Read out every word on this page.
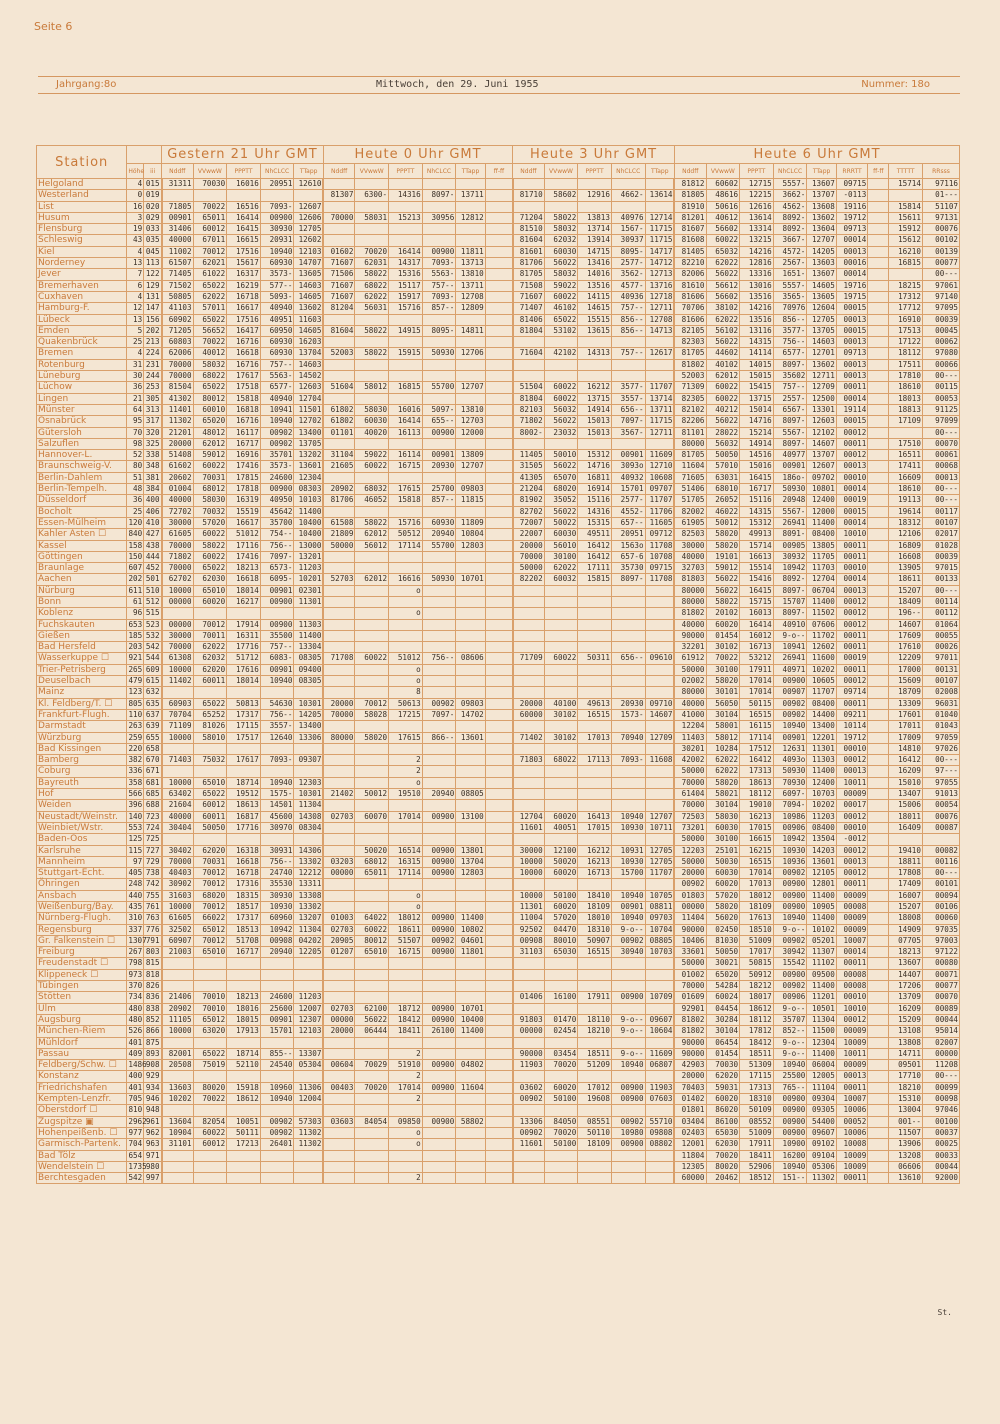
Seite 6
Jahrgang:8o	Mittwoch, den 29. Juni 1955	Nummer: 18o
Station			Gestern 21 Uhr GMT					Heute 0 Uhr GMT						Heute 3 Uhr GMT					Heute 6 Uhr GMT								
	Höhe	iii	Nddff	VVwwW	PPPTT	NhCLCC	TTapp	Nddff	VVwwW	PPPTT	NhCLCC	TTapp	ff-ff	Nddff	VVwwW	PPPTT	NhCLCC	TTapp	Nddff	VVwwW	PPPTT	NhCLCC	TTapp	RRRTT	ff-ff	TTTTT	RRsss
Helgoland	4	015	31311	70030	16016	20951	12610												81812	60602	12715	5557-	13607	09715		15714	97116
Westerland	0	019						81307	6300-	14316	8097-	13711		81710	58602	12916	4662-	13614	81805	48616	12215	3662-	13707	-0113			01---
List	16	020	71805	70022	16516	7093-	12607												81910	50616	12616	4562-	13608	19116		15814	51107
Husum	3	029	00901	65011	16414	00900	12606	70000	58031	15213	30956	12812		71204	58022	13813	40976	12714	81201	40612	13614	8092-	13602	19712		15611	97131
Flensburg	19	033	31406	60012	16415	30930	12705							81510	58032	13714	1567-	11715	81607	56602	13314	8092-	13604	09713		15912	00076
Schleswig	43	035	40000	67011	16615	20931	12602							81604	62032	13914	30937	11715	81608	60022	13215	3667-	12707	00014		15612	00102
Kiel	4	045	11002	70012	17516	10940	12103	01602	70020	16414	00900	11811		81601	60030	14715	8095-	14717	81405	65032	14216	4572-	14205	00013		16210	00139
Norderney	13	113	61507	62021	15617	60930	14707	71607	62031	14317	7093-	13713		81706	56022	13416	2577-	14712	82210	62022	12816	2567-	13603	00016		16815	00077
Jever	7	122	71405	61022	16317	3573-	13605	71506	58022	15316	5563-	13810		81705	58032	14016	3562-	12713	82006	56022	13316	1651-	13607	00014			00---
Bremerhaven	6	129	71502	65022	16219	577--	14603	71607	68022	15117	757--	13711		71508	59022	13516	4577-	13716	81610	56612	13016	5557-	14605	19716		18215	97061
Cuxhaven	4	131	50805	62022	16718	5093-	14605	71607	62022	15917	7093-	12708		71607	60022	14115	40936	12718	81606	56602	13516	3565-	13605	19715		17312	97140
Hamburg-F.	12	147	41103	57011	16617	40940	13602	81204	56031	15716	857--	12809		71407	46102	14615	757--	12711	70706	38102	14216	70976	12604	00015		17712	97095
Lübeck	13	156	60902	65022	17516	40951	11603							81406	65022	15515	856--	12708	81606	62022	13516	856--	12705	00013		16910	00039
Emden	5	202	71205	56652	16417	60950	14605	81604	58022	14915	8095-	14811		81804	53102	13615	856--	14713	82105	56102	13116	3577-	13705	00015		17513	00045
Quakenbrück	25	213	60803	70022	16716	60930	16203												82303	56022	14315	756--	14603	00013		17122	00062
Bremen	4	224	62006	40012	16618	60930	13704	52003	58022	15915	50930	12706		71604	42102	14313	757--	12617	81705	44602	14114	6577-	12701	09713		18112	97080
Rotenburg	31	231	70000	58032	16716	757--	14603												81802	40102	14015	8097-	13602	00013		17511	00066
Lüneburg	30	244	70000	68022	17617	5563-	14502												52003	62012	15015	35602	12711	00013		17810	00---
Lüchow	36	253	81504	65022	17518	6577-	12603	51604	58012	16815	55700	12707		51504	60022	16212	3577-	11707	71309	60022	15415	757--	12709	00011		18610	00115
Lingen	21	305	41302	80012	15818	40940	12704							81804	60022	13715	3557-	13714	82305	60022	13715	2557-	12500	00014		18013	00053
Münster	64	313	11401	60010	16818	10941	11501	61802	58030	16016	5097-	13810		82103	56032	14914	656--	13711	82102	40212	15014	6567-	13301	19114		18813	91125
Osnabrück	95	317	11302	65020	16716	10940	12702	61802	60030	16414	655--	12703		71802	56022	15013	7097-	11715	82206	56022	14716	8097-	12603	00015		17109	97099
Gütersloh	70	320	21201	48012	16117	00902	13400	01101	40020	16113	00900	12000		8002-	23032	15013	3567-	12711	81101	28022	15214	5567-	12102	00012			00---
Salzuflen	98	325	20000	62012	16717	00902	13705												80000	56032	14914	8097-	14607	00011		17510	00070
Hannover-L.	52	338	51408	59012	16916	35701	13202	31104	59022	16114	00901	13809		11405	50010	15312	00901	11609	81705	50050	14516	40977	13707	00012		16511	00061
Braunschweig-V.	80	348	61602	60022	17416	3573-	13601	21605	60022	16715	20930	12707		31505	56022	14716	3093o	12710	11604	57010	15016	00901	12607	00013		17411	00068
Berlin-Dahlem	51	381	20602	70031	17815	24600	12304							41305	65070	16811	40932	10608	71605	63031	16415	186o-	09702	00010		16609	00013
Berlin-Tempelh.	48	384	01004	68012	17818	00900	08303	20902	68032	17615	25700	09803		21204	68020	16914	15701	09707	51406	68010	16717	50930	10801	00014		18610	00---
Düsseldorf	36	400	40000	58030	16319	40950	10103	81706	46052	15818	857--	11815		81902	35052	15116	2577-	11707	51705	26052	15116	20948	12400	00019		19113	00---
Bocholt	25	406	72702	70032	15519	45642	11400							82702	56022	14316	4552-	11706	82002	46022	14315	5567-	12000	00015		19614	00117
Essen-Mülheim	120	410	30000	57020	16617	35700	10400	61508	58022	15716	60930	11809		72007	50022	15315	657--	11605	61905	50012	15312	26941	11400	00014		18312	00107
Kahler Asten ☐	840	427	61605	60022	51012	754--	10400	21809	62012	50512	20940	10804		22007	60030	49511	20951	09712	82503	58020	49913	8091-	08400	10010		12106	02017
Kassel	158	438	70000	58022	17116	756--	13000	50000	56012	17114	55700	12803		20000	56010	16412	1563o	11708	30000	58020	15714	00905	13805	00011		16809	01028
Göttingen	150	444	71802	60022	17416	7097-	13201							70000	30100	16412	657-6	10708	40000	19101	16613	30932	11705	00011		16608	00039
Braunlage	607	452	70000	65022	18213	6573-	11203							50000	62022	17111	35730	09715	32703	59012	15514	10942	11703	00010		13905	97015
Aachen	202	501	62702	62030	16618	6095-	10201	52703	62012	16616	50930	10701		82202	60032	15815	8097-	11708	81803	56022	15416	8092-	12704	00014		18611	00133
Nürburg	611	510	10000	65010	18014	00901	02301			o									80000	56022	16415	8097-	06704	00013		15207	00---
Bonn	61	512	00000	60020	16217	00900	11301												80000	58022	15715	15707	11400	00012		18409	00114
Koblenz	96	515								o									81802	20102	16013	8097-	11502	00012		196--	00112
Fuchskauten	653	523	00000	70012	17914	00900	11303												40000	60020	16414	40910	07606	00012		14607	01064
Gießen	185	532	30000	70011	16311	35500	11400												90000	01454	16012	9-o--	11702	00011		17609	00055
Bad Hersfeld	203	542	70000	62022	17716	757--	13304												32201	30102	16713	10941	12602	00011		17610	00026
Wasserkuppe ☐	921	544	61308	62032	51712	6083-	08305	71708	60022	51012	756--	08606		71709	60022	50311	656--	09610	61912	70022	53212	26941	11600	00019		12209	97011
Trier-Petrisberg	265	609	10000	62020	17616	00901	09400			o									50000	30100	17911	40971	10202	00011		17000	00131
Deuselbach	479	615	11402	60011	18014	10940	08305			o									02002	58020	17014	00900	10605	00012		15609	00107
Mainz	123	632								8									80000	30101	17014	00907	11707	09714		18709	02008
Kl. Feldberg/T. ☐	805	635	60903	65022	50813	54630	10301	20000	70012	50613	00902	09803		20000	40100	49613	20930	09710	40000	56050	50115	00902	08400	00011		13309	96031
Frankfurt-Flugh.	110	637	70704	65252	17317	756--	14205	70000	58028	17215	7097-	14702		60000	30102	16515	1573-	14607	41000	30104	16515	00902	14400	09211		17601	01040
Darmstadt	263	639	71109	81026	17115	3557-	13400												12204	58001	16115	10940	13400	10114		17011	01043
Würzburg	259	655	10000	58010	17517	12640	13306	80000	58020	17615	866--	13601		71402	30102	17013	70940	12709	11403	58012	17114	00901	12201	19712		17009	97059
Bad Kissingen	220	658																	30201	10284	17512	12631	11301	00010		14810	97026
Bamberg	382	670	71403	75032	17617	7093-	09307			2				71803	68022	17113	7093-	11608	42002	62022	16412	4093o	11303	00012		16412	00---
Coburg	336	671								2									50000	62022	17313	50930	11400	00013		16209	97---
Bayreuth	358	681	10000	65010	18714	10940	12303			o									70000	58020	18613	70930	12400	10011		15010	97055
Hof	566	685	63402	65022	19512	1575-	10301	21402	50012	19510	20940	08805							61404	58021	18112	6097-	10703	00009		13407	91013
Weiden	396	688	21604	60012	18613	14501	11304												70000	30104	19010	7094-	10202	00017		15006	00054
Neustadt/Weinstr.	140	723	40000	60011	16817	45600	14308	02703	60070	17014	00900	13100		12704	60020	16413	10940	12707	72503	58030	16213	10986	11203	00012		18011	00076
Weinbiet/Wstr.	553	724	30404	50050	17716	30970	08304							11601	40051	17015	10930	10711	73201	60030	17015	00906	08400	00010		16409	00087
Baden-Oos	125	725																	50000	30100	16615	10942	13504	-0012			
Karlsruhe	115	727	30402	62020	16318	30931	14306		50020	16514	00900	13801		30000	12100	16212	10931	12705	12203	25101	16215	10930	14203	00012		19410	00082
Mannheim	97	729	70000	70031	16618	756--	13302	03203	68012	16315	00900	13704		10000	50020	16213	10930	12705	50000	50030	16515	10936	13601	00013		18811	00116
Stuttgart-Echt.	405	738	40403	70012	16718	24740	12212	00000	65011	17114	00900	12803		10000	60020	16713	15700	11707	20000	60030	17014	00902	12105	00012		17808	00---
Öhringen	248	742	30902	70012	17316	35530	13311												00902	60020	17013	00900	12801	00011		17409	00101
Ansbach	440	755	31603	68020	18315	30930	13308			o				10000	50100	18410	10940	10705	01803	57020	18012	00900	11400	00009		16007	00094
Weißenburg/Bay.	435	761	10000	70012	18517	10930	13302			o				11301	60020	18109	00901	08811	00000	58020	18109	00900	10905	00008		15207	00106
Nürnberg-Flugh.	310	763	61605	66022	17317	60960	13207	01003	64022	18012	00900	11400		11004	57020	18010	10940	09703	11404	56020	17613	10940	11400	00009		18008	00060
Regensburg	337	776	32502	65012	18513	10942	11304	02703	60022	18611	00900	10802		92502	04470	18310	9-o--	10704	90000	02450	18510	9-o--	10102	00009		14909	97035
Gr. Falkenstein ☐	1307	791	60907	70012	51708	00908	04202	20905	80012	51507	00902	04601		00908	80010	50907	00902	08805	10406	81030	51009	00902	05201	10007		07705	97003
Freiburg	267	803	21003	65010	16717	20940	12205	01207	65010	16715	00900	11801		31103	65030	16515	30940	10703	33601	50050	17017	30942	11307	00014		18213	97122
Freudenstadt ☐	798	815																	50000	30021	50815	15542	11102	00011		13607	00080
Klippeneck ☐	973	818																	01002	65020	50912	00900	09500	00008		14407	00071
Tübingen	370	826																	70000	54284	18212	00902	11400	00008		17206	00077
Stötten	734	836	21406	70010	18213	24600	11203							01406	16100	17911	00900	10709	01609	60024	18017	00906	11201	00010		13709	00070
Ulm	480	838	20902	70010	18016	25600	12007	02703	62100	18712	00900	10701							92901	04454	18612	9-o--	10501	10010		16209	00089
Augsburg	480	852	11105	65012	18015	00901	12307	00000	56022	18412	00900	10400		91803	01470	18110	9-o--	09607	81802	30284	18112	35707	11304	00012		15209	00044
München-Riem	526	866	10000	63020	17913	15701	12103	20000	06444	18411	26100	11400		00000	02454	18210	9-o--	10604	81802	30104	17812	852--	11500	00009		13108	95014
Mühldorf	401	875																	90000	06454	18412	9-o--	12304	10009		13808	02007
Passau	409	893	82001	65022	18714	855--	13307			2				90000	03454	18511	9-o--	11609	90000	01454	18511	9-o--	11400	10011		14711	00000
Feldberg/Schw. ☐	1486	908	20508	75019	52110	24540	05304	00604	70029	51910	00900	04802		11903	70020	51209	10940	06807	42903	70030	51309	10940	06004	00009		09501	11208
Konstanz	400	929								2									20000	62020	17115	25500	12005	00013		17710	00---
Friedrichshafen	401	934	13603	80020	15918	10960	11306	00403	70020	17014	00900	11604		03602	60020	17012	00900	11903	70403	59031	17313	765--	11104	00011		18210	00099
Kempten-Lenzfr.	705	946	10202	70022	18612	10940	12004			2				00902	50100	19608	00900	07603	01402	60020	18310	00900	09304	10007		15310	00098
Oberstdorf ☐	810	948																	01801	86020	50109	00900	09305	10006		13004	97046
Zugspitze ▣	2962	961	13604	82054	10051	00902	57303	03603	84054	09850	00900	58802		13306	84050	08551	00902	55710	03404	86100	08552	00900	54400	00052		001--	00100
Hohenpeißenb. ☐	977	962	10904	60022	50111	00902	11302			o				00902	70020	50110	10980	09808	02403	65030	51009	00900	09607	10006		11507	00037
Garmisch-Partenk.	704	963	31101	60012	17213	26401	11302			o				11601	50100	18109	00900	08802	12001	62030	17911	10900	09102	10008		13906	00025
Bad Tölz	654	971																	11804	70020	18411	16200	09104	10009		13208	00033
Wendelstein ☐	1735	980																	12305	80020	52906	10940	05306	10009		06606	00044
Berchtesgaden	542	997								2									60000	20462	18512	151--	11302	00011		13610	92000
St.
